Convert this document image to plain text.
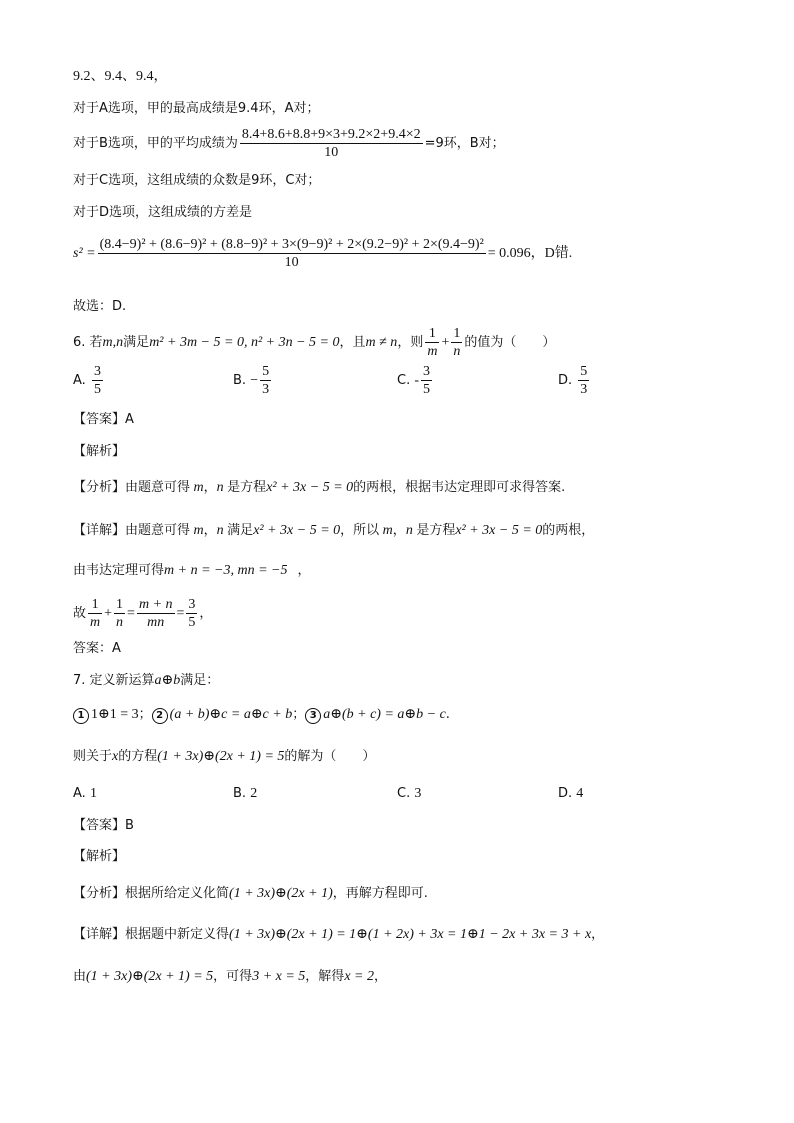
9.2、9.4、9.4，
对于A选项，甲的最高成绩是9.4环，A对；
对于B选项，甲的平均成绩为 $\frac{8.4+8.6+8.8+9\times 3+9.2\times 2+9.4\times 2}{10} =9$环，B对；
对于C选项，这组成绩的众数是9环，C对；
对于D选项，这组成绩的方差是
s² =
(8.4−9)² + (8.6−9)² + (8.8−9)² + 3×(9−9)² + 2×(9.2−9)² + 2×(9.4−9)²
10
= 0.096，D错.
故选：D.
6. 若m,n满足m² + 3m − 5 = 0, n² + 3n − 5 = 0，且m ≠ n，则 $\frac{1}{m} + \frac{1}{n}$ 的值为（　　）
A. $\frac{3}{5}$	B. − $\frac{5}{3}$	C. - $\frac{3}{5}$	D. $\frac{5}{3}$
【答案】A
【解析】
【分析】由题意可得 m，n 是方程x² + 3x − 5 = 0的两根，根据韦达定理即可求得答案.
【详解】由题意可得 m，n 满足x² + 3x − 5 = 0，所以 m，n 是方程x² + 3x − 5 = 0的两根，
由韦达定理可得m + n = −3, mn = −5 ，
故 $\frac{1}{m} + \frac{1}{n} = \frac{m + n}{mn} = \frac{3}{5}$ ，
答案：A
7. 定义新运算a⊕b满足：
1 1⊕1 = 3； 2 (a + b)⊕c = a⊕c + b； 3 a⊕(b + c) = a⊕b − c.
则关于x的方程(1 + 3x)⊕(2x + 1) = 5的解为（　　）
A. 1	B. 2	C. 3	D. 4
【答案】B
【解析】
【分析】根据所给定义化简(1 + 3x)⊕(2x + 1)，再解方程即可.
【详解】根据题中新定义得(1 + 3x)⊕(2x + 1) = 1⊕(1 + 2x) + 3x = 1⊕1 − 2x + 3x = 3 + x，
由(1 + 3x)⊕(2x + 1) = 5，可得3 + x = 5，解得x = 2，
